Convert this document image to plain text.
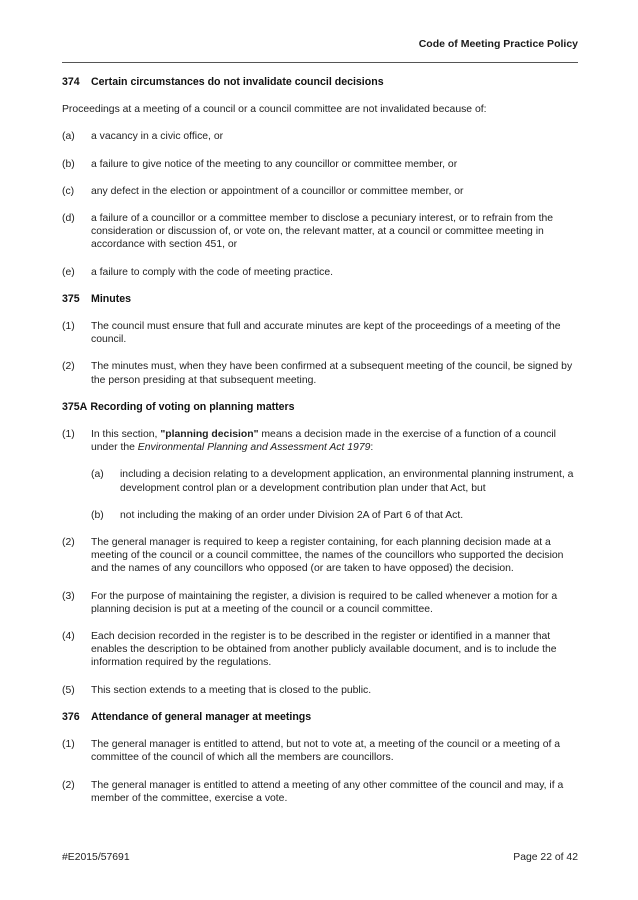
Code of Meeting Practice Policy
374	Certain circumstances do not invalidate council decisions

Proceedings at a meeting of a council or a council committee are not invalidated because of:

(a)	a vacancy in a civic office, or
(b)	a failure to give notice of the meeting to any councillor or committee member, or
(c)	any defect in the election or appointment of a councillor or committee member, or
(d)	a failure of a councillor or a committee member to disclose a pecuniary interest, or to refrain from the consideration or discussion of, or vote on, the relevant matter, at a council or committee meeting in accordance with section 451, or
(e)	a failure to comply with the code of meeting practice.
375	Minutes
(1)	The council must ensure that full and accurate minutes are kept of the proceedings of a meeting of the council.
(2)	The minutes must, when they have been confirmed at a subsequent meeting of the council, be signed by the person presiding at that subsequent meeting.
375A Recording of voting on planning matters
(1)	In this section, "planning decision" means a decision made in the exercise of a function of a council under the Environmental Planning and Assessment Act 1979:
(a)	including a decision relating to a development application, an environmental planning instrument, a development control plan or a development contribution plan under that Act, but
(b)	not including the making of an order under Division 2A of Part 6 of that Act.
(2)	The general manager is required to keep a register containing, for each planning decision made at a meeting of the council or a council committee, the names of the councillors who supported the decision and the names of any councillors who opposed (or are taken to have opposed) the decision.
(3)	For the purpose of maintaining the register, a division is required to be called whenever a motion for a planning decision is put at a meeting of the council or a council committee.
(4)	Each decision recorded in the register is to be described in the register or identified in a manner that enables the description to be obtained from another publicly available document, and is to include the information required by the regulations.
(5)	This section extends to a meeting that is closed to the public.
376	Attendance of general manager at meetings
(1)	The general manager is entitled to attend, but not to vote at, a meeting of the council or a meeting of a committee of the council of which all the members are councillors.
(2)	The general manager is entitled to attend a meeting of any other committee of the council and may, if a member of the committee, exercise a vote.
#E2015/57691	Page 22 of 42
